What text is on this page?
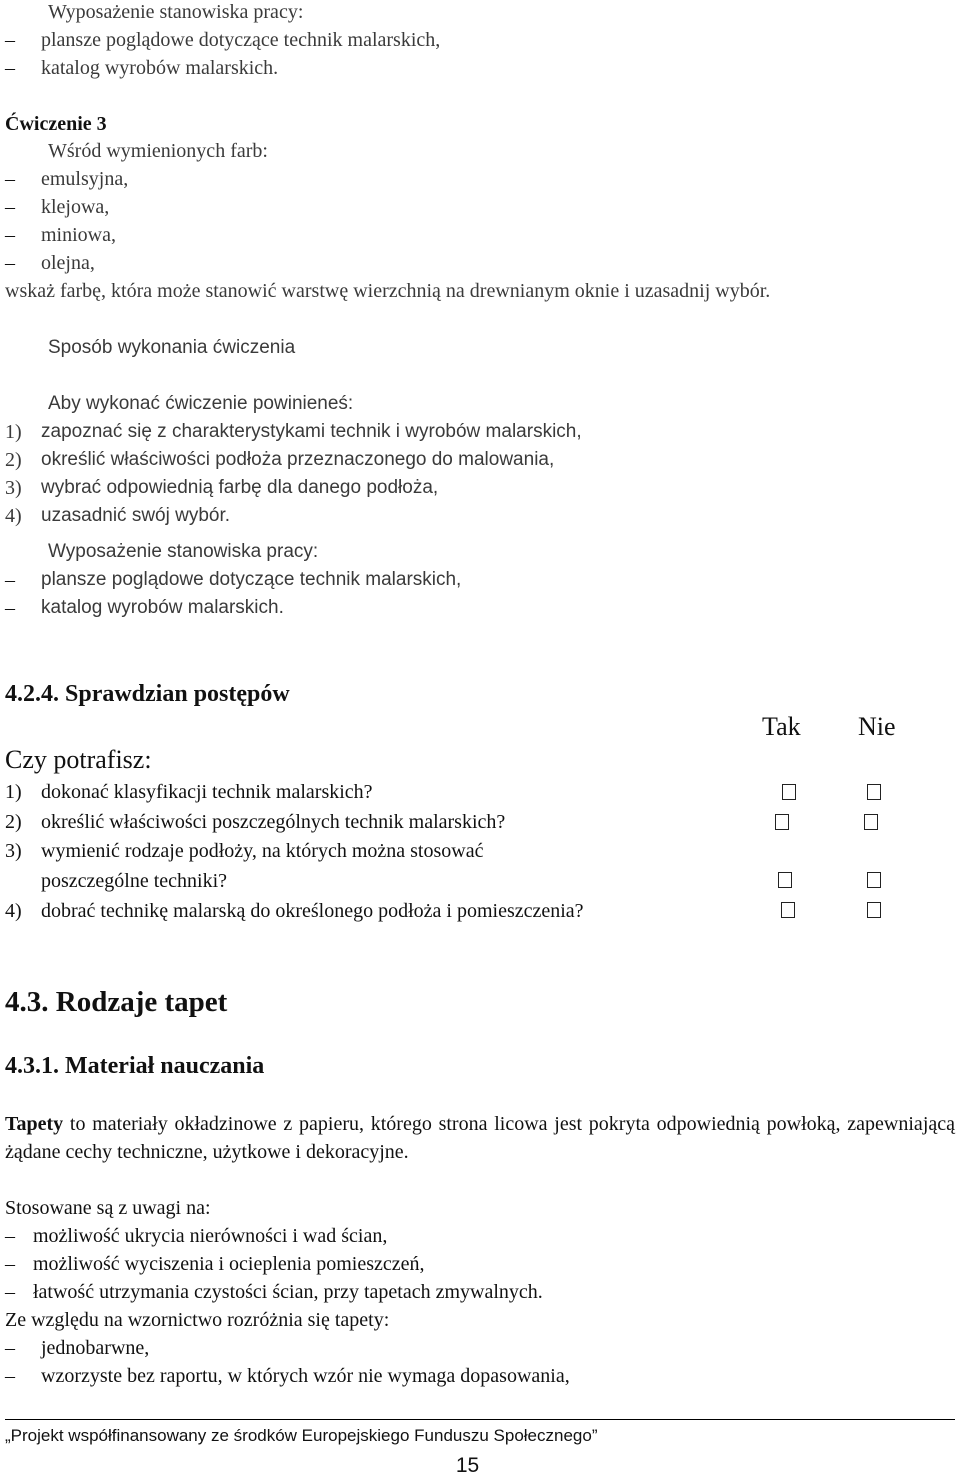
Wyposażenie stanowiska pracy:
– plansze poglądowe dotyczące technik malarskich,
– katalog wyrobów malarskich.
Ćwiczenie 3
Wśród wymienionych farb:
– emulsyjna,
– klejowa,
– miniowa,
– olejna,
wskaż farbę, która może stanowić warstwę wierzchnią na drewnianym oknie i uzasadnij wybór.
Sposób wykonania ćwiczenia
Aby wykonać ćwiczenie powinieneś:
1) zapoznać się z charakterystykami technik i wyrobów malarskich,
2) określić właściwości podłoża przeznaczonego do malowania,
3) wybrać odpowiednią farbę dla danego podłoża,
4) uzasadnić swój wybór.
Wyposażenie stanowiska pracy:
– plansze poglądowe dotyczące technik malarskich,
– katalog wyrobów malarskich.
4.2.4. Sprawdzian postępów
Tak Nie
Czy potrafisz:
1) dokonać klasyfikacji technik malarskich?
2) określić właściwości poszczególnych technik malarskich?
3) wymienić rodzaje podłoży, na których można stosować
poszczególne techniki?
4) dobrać technikę malarską do określonego podłoża i pomieszczenia?
4.3. Rodzaje tapet
4.3.1. Materiał nauczania
Tapety to materiały okładzinowe z papieru, którego strona licowa jest pokryta odpowiednią powłoką, zapewniającą żądane cechy techniczne, użytkowe i dekoracyjne.
Stosowane są z uwagi na:
– możliwość ukrycia nierówności i wad ścian,
– możliwość wyciszenia i ocieplenia pomieszczeń,
– łatwość utrzymania czystości ścian, przy tapetach zmywalnych.
Ze względu na wzornictwo rozróżnia się tapety:
– jednobarwne,
– wzorzyste bez raportu, w których wzór nie wymaga dopasowania,
„Projekt współfinansowany ze środków Europejskiego Funduszu Społecznego”
15
